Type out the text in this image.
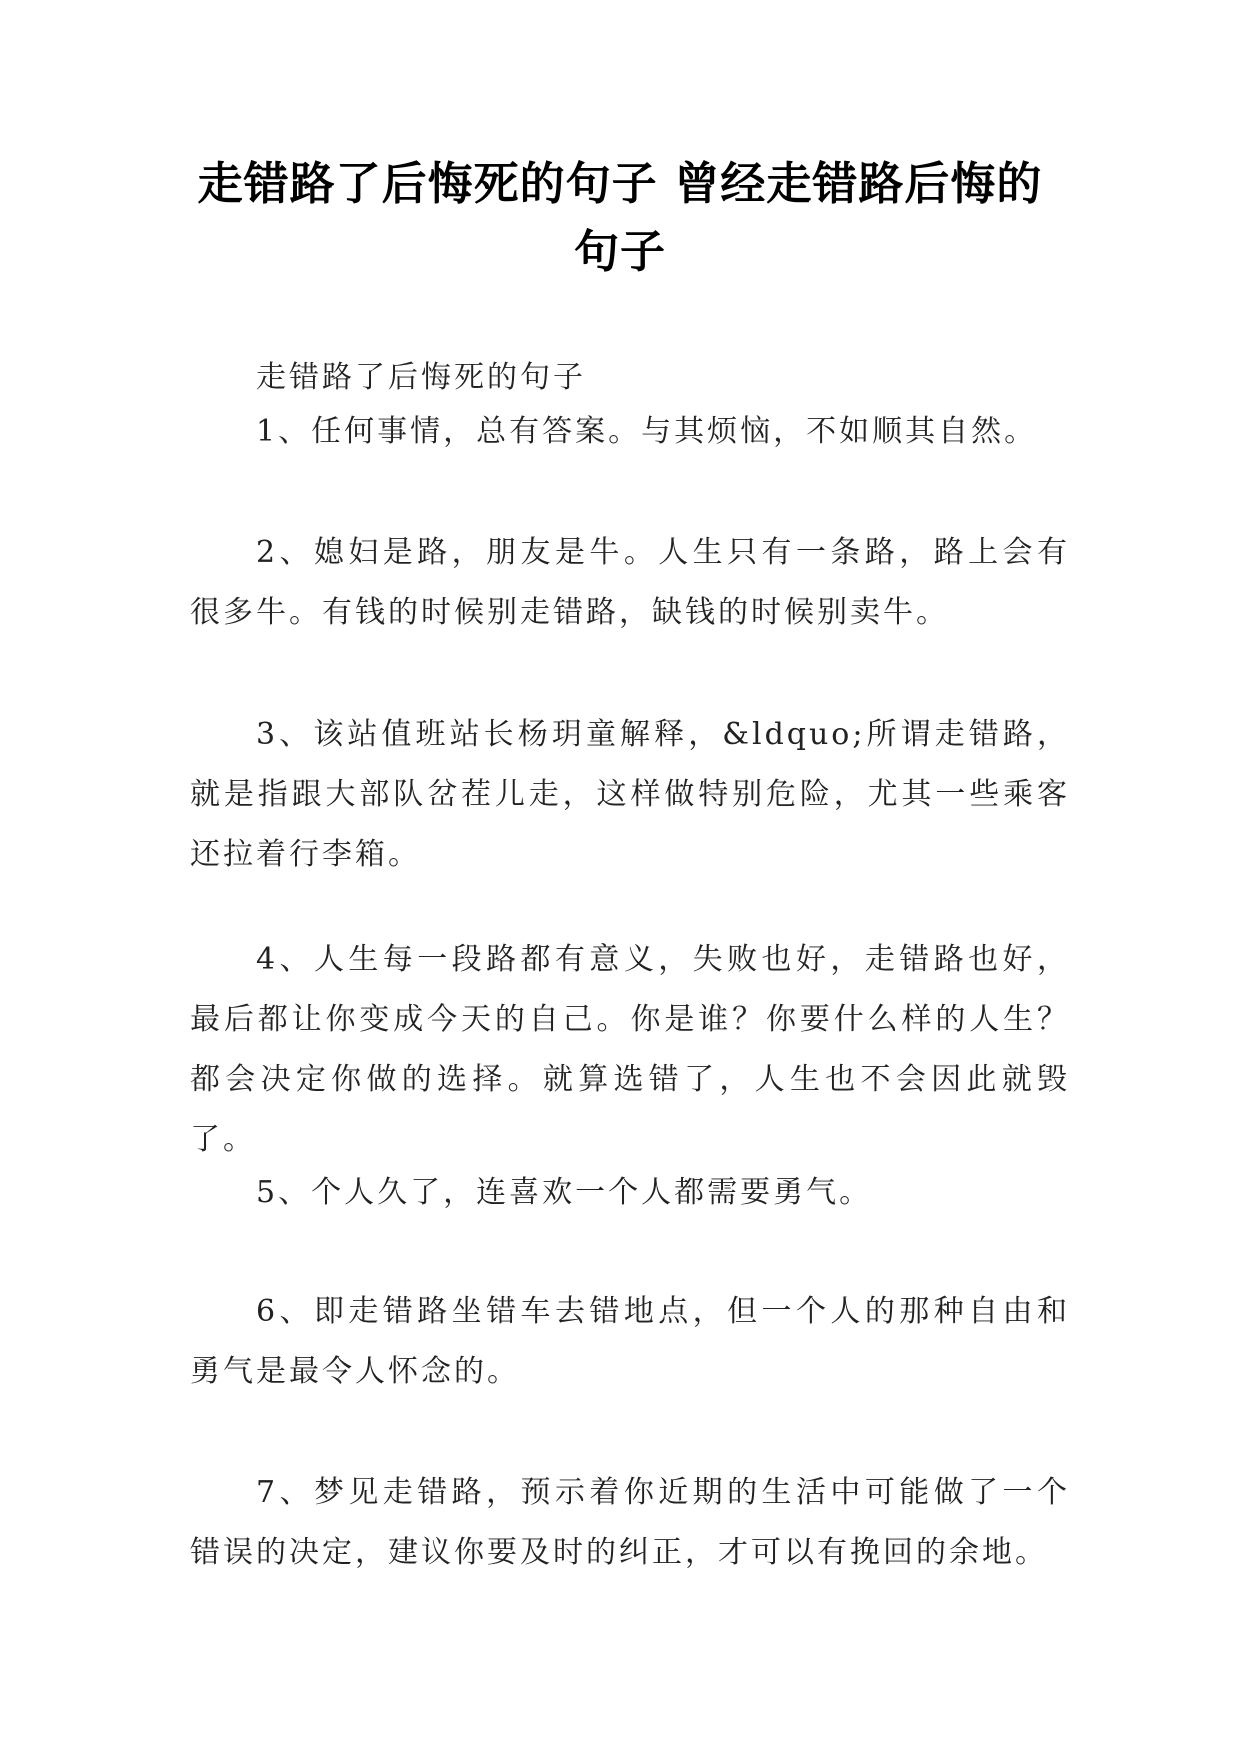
走错路了后悔死的句子 曾经走错路后悔的句子

走错路了后悔死的句子

1、任何事情，总有答案。与其烦恼，不如顺其自然。

2、媳妇是路，朋友是牛。人生只有一条路，路上会有很多牛。有钱的时候别走错路，缺钱的时候别卖牛。

3、该站值班站长杨玥童解释，&ldquo;所谓走错路，就是指跟大部队岔茬儿走，这样做特别危险，尤其一些乘客还拉着行李箱。

4、人生每一段路都有意义，失败也好，走错路也好，最后都让你变成今天的自己。你是谁？你要什么样的人生？都会决定你做的选择。就算选错了，人生也不会因此就毁了。

5、个人久了，连喜欢一个人都需要勇气。

6、即走错路坐错车去错地点，但一个人的那种自由和勇气是最令人怀念的。

7、梦见走错路，预示着你近期的生活中可能做了一个错误的决定，建议你要及时的纠正，才可以有挽回的余地。
